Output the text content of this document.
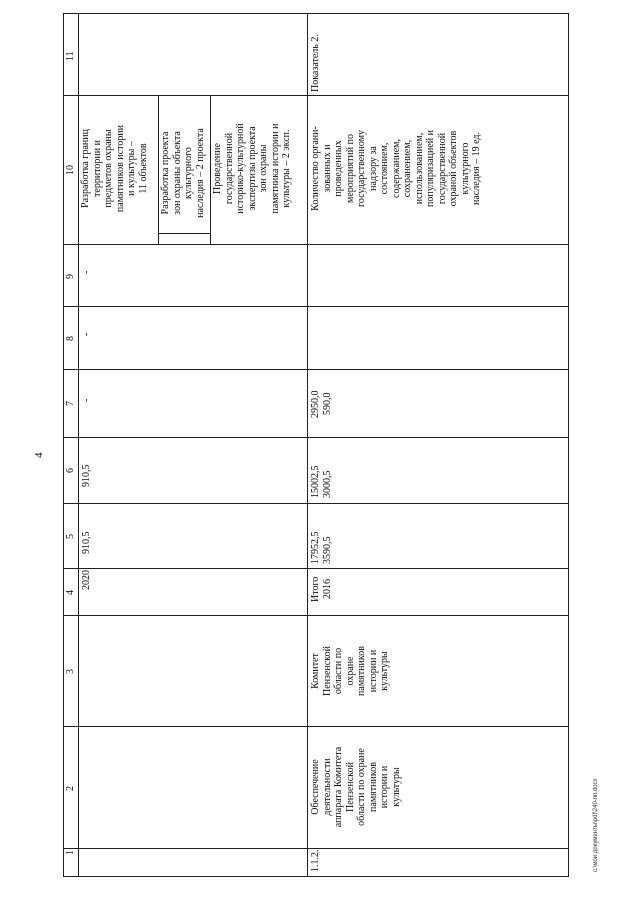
4
1
2
3
4
5
6
7
8
9
10
11
2020
910,5
910,5
-
-
-
Разработка границ
территории и
предметов охраны
памятников истории
и культуры –
11 объектов
Разработка проекта
зон охраны объекта
культурного
наследия – 2 проекта Проведение
государственной
историко-культурной
экспертизы проекта
зон охраны
памятника истории и
культуры – 2 эксп.
1.1.2.
Обеспечение
деятельности
аппарата Комитета
Пензенской
области по охране
памятников
истории и
культуры
Комитет
Пензенской
области по
охране
памятников
истории и
культуры
Итого 2016
17952,5 3590,5
15002,5 3000,5
2950,0 590,0
Количество органи-
зованных и
проведенных
мероприятий по
государственному
надзору за
состоянием,
содержанием,
сохранением,
использованием,
популяризацией и
государственной
охраной объектов
культурного
наследия – 19 ед.
Показатель 2.
c:\мои документы\pdf\240-пп.docx
